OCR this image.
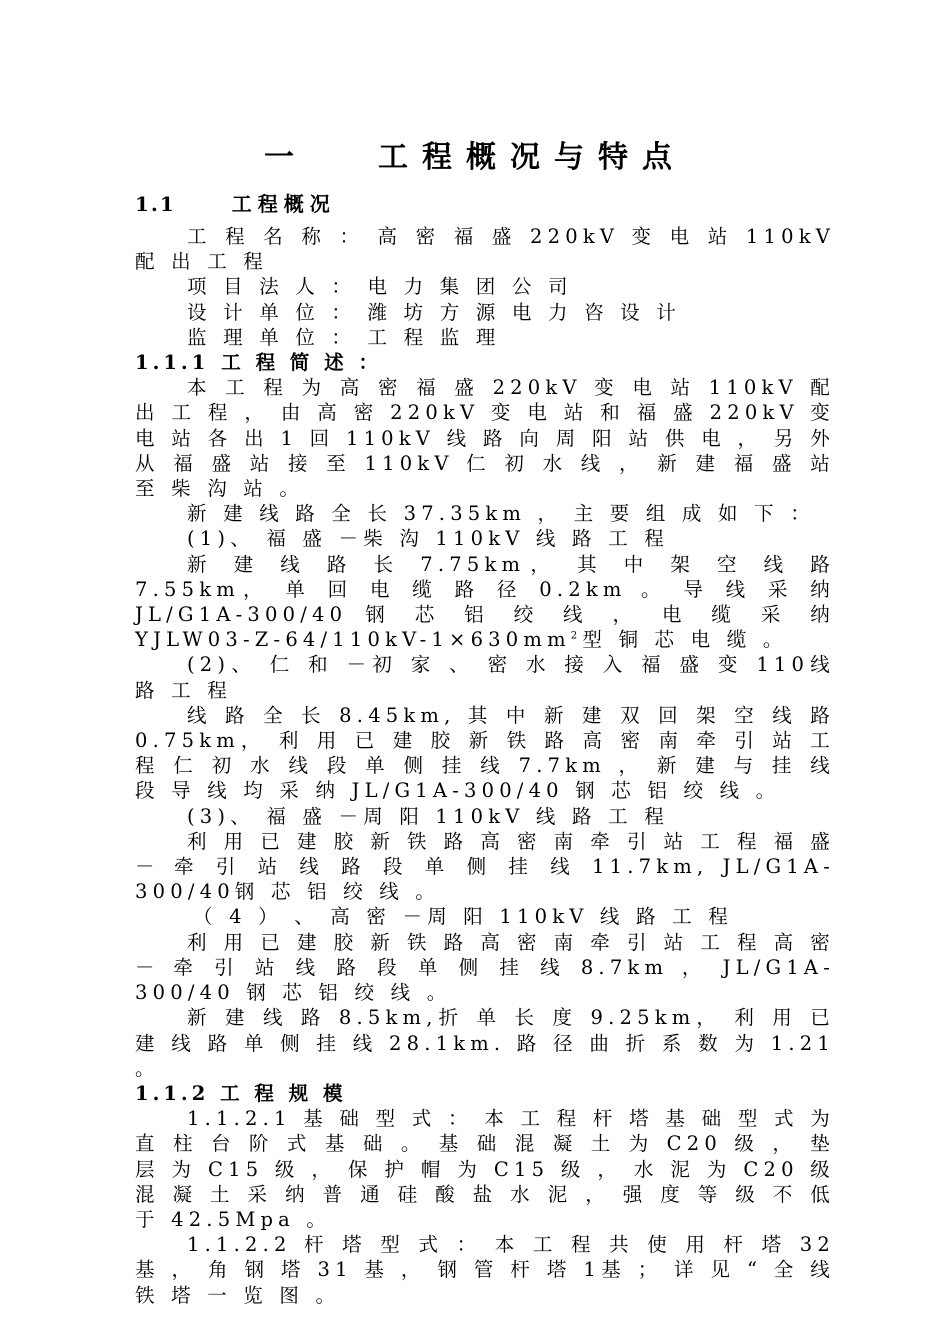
一 工程概况与特点
1.1	工程概况

工 程 名 称 ： 高 密 福 盛 220kV 变 电 站 110kV 配 出 工 程

项 目 法 人 ： 电 力 集 团 公 司

设 计 单 位 ： 潍 坊 方 源 电 力 咨 设 计

监 理 单 位 ： 工 程 监 理

1.1.1 工 程 简 述 ：

本 工 程 为 高 密 福 盛 220kV 变 电 站 110kV 配 出 工 程 ， 由 高 密 220kV 变 电 站 和 福 盛 220kV 变 电 站 各 出 1 回 110kV 线 路 向 周 阳 站 供 电 ， 另 外 从 福 盛 站 接 至 110kV 仁 初 水 线 ， 新 建 福 盛 站 至 柴 沟 站 。

新 建 线 路 全 长 37.35km ， 主 要 组 成 如 下 ：

(1)、 福 盛 －柴 沟 110kV 线 路 工 程

新 建 线 路 长 7.75km， 其 中 架 空 线 路 7.55km， 单 回 电 缆 路 径 0.2km 。 导 线 采 纳 JL/G1A-300/40 钢 芯 铝 绞 线 ， 电 缆 采 纳 $YJLW03-Z-64/110kV-1\times 630mm^2$型 铜 芯 电 缆 。

(2)、 仁 和 －初 家 、 密 水 接 入 福 盛 变 110线 路 工 程

线 路 全 长 8.45km, 其 中 新 建 双 回 架 空 线 路 0.75km， 利 用 已 建 胶 新 铁 路 高 密 南 牵 引 站 工 程 仁 初 水 线 段 单 侧 挂 线 7.7km ， 新 建 与 挂 线 段 导 线 均 采 纳 JL/G1A-300/40 钢 芯 铝 绞 线 。

(3)、 福 盛 －周 阳 110kV 线 路 工 程

利 用 已 建 胶 新 铁 路 高 密 南 牵 引 站 工 程 福 盛 － 牵 引 站 线 路 段 单 侧 挂 线 11.7km, JL/G1A-300/40钢 芯 铝 绞 线 。

（ 4 ） 、 高 密 －周 阳 110kV 线 路 工 程

利 用 已 建 胶 新 铁 路 高 密 南 牵 引 站 工 程 高 密 － 牵 引 站 线 路 段 单 侧 挂 线 8.7km ， JL/G1A-300/40 钢 芯 铝 绞 线 。

新 建 线 路 8.5km,折 单 长 度 9.25km， 利 用 已 建 线 路 单 侧 挂 线 28.1km. 路 径 曲 折 系 数 为 1.21 。

1.1.2 工 程 规 模

1.1.2.1 基 础 型 式 ： 本 工 程 杆 塔 基 础 型 式 为 直 柱 台 阶 式 基 础 。 基 础 混 凝 土 为 C20 级 ， 垫 层 为 C15 级 ， 保 护 帽 为 C15 级 ， 水 泥 为 C20 级 混 凝 土 采 纳 普 通 硅 酸 盐 水 泥 ， 强 度 等 级 不 低 于 42.5Mpa 。

1.1.2.2 杆 塔 型 式 ： 本 工 程 共 使 用 杆 塔 32 基 ， 角 钢 塔 31 基 ， 钢 管 杆 塔 1基 ； 详 见 “ 全 线 铁 塔 一 览 图 。
